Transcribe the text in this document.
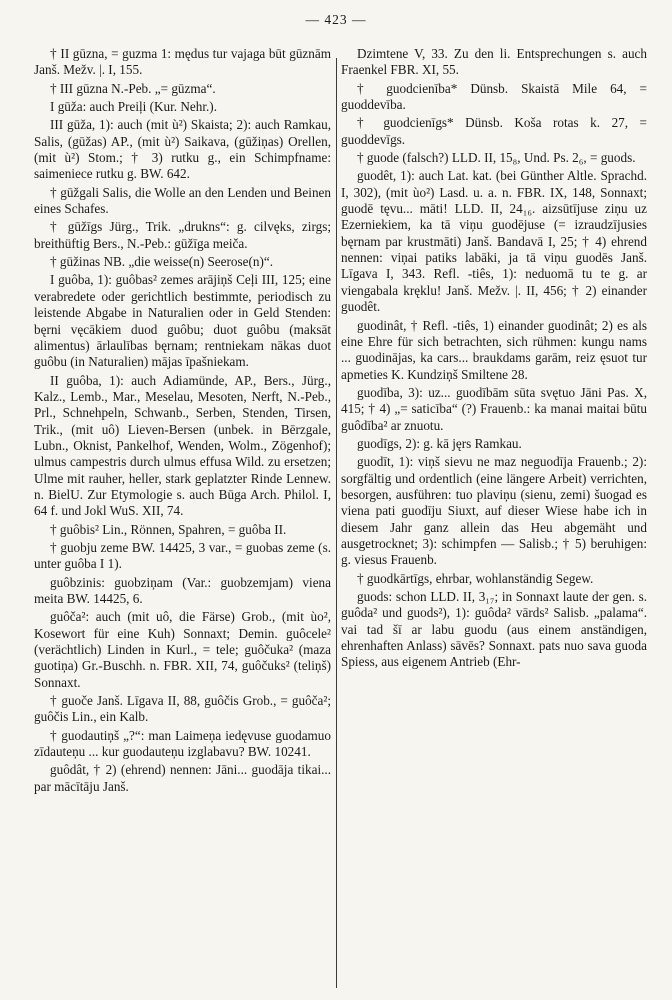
— 423 —

† II gūzna, = guzma 1: mędus tur vajaga būt gūznām Janš. Mežv. |. I, 155.

† III gūzna N.-Peb. „= gūzma“.

I gūža: auch Preiļi (Kur. Nehr.).

III gūža, 1): auch (mit ù²) Skaista; 2): auch Ramkau, Salis, (gūžas) AP., (mit ù²) Saikava, (gūžiņas) Orellen, (mit ù²) Stom.; † 3) rutku g., ein Schimpfname: saimeniece rutku g. BW. 642.

† gūžgali Salis, die Wolle an den Lenden und Beinen eines Schafes.

† gūžīgs Jürg., Trik. „drukns“: g. cilvęks, zirgs; breithüftig Bers., N.-Peb.: gūžīga meiča.

† gūžinas NB. „die weisse(n) Seerose(n)“.

I guôba, 1): guôbas² zemes arājiņš Ceļi III, 125; eine verabredete oder gerichtlich bestimmte, periodisch zu leistende Abgabe in Naturalien oder in Geld Stenden: bęrni vęcākiem duod guôbu; duot guôbu (maksāt alimentus) ārlaulības bęrnam; rentniekam nākas duot guôbu (in Naturalien) mājas īpašniekam.

II guôba, 1): auch Adiamünde, AP., Bers., Jürg., Kalz., Lemb., Mar., Meselau, Mesoten, Nerft, N.-Peb., Prl., Schnehpeln, Schwanb., Serben, Stenden, Tirsen, Trik., (mit uô) Lieven-Bersen (unbek. in Bērzgale, Lubn., Oknist, Pankelhof, Wenden, Wolm., Zögenhof); ulmus campestris durch ulmus effusa Wild. zu ersetzen; Ulme mit rauher, heller, stark geplatzter Rinde Lennew. n. BielU. Zur Etymologie s. auch Būga Arch. Philol. I, 64 f. und Jokl WuS. XII, 74.

† guôbis² Lin., Rönnen, Spahren, = guôba II.

† guobju zeme BW. 14425, 3 var., = guobas zeme (s. unter guôba I 1).

guôbzinis: guobziņam (Var.: guobzemjam) viena meita BW. 14425, 6.

guôča²: auch (mit uô, die Färse) Grob., (mit ùo², Kosewort für eine Kuh) Sonnaxt; Demin. guôcele² (verächtlich) Linden in Kurl., = tele; guôčuka² (maza guotiņa) Gr.-Buschh. n. FBR. XII, 74, guôčuks² (teliņš) Sonnaxt.

† guoče Janš. Līgava II, 88, guôčis Grob., = guôča²; guôčis Lin., ein Kalb.

† guodautiņš „?“: man Laimeņa iedęvuse guodamuo zīdauteņu ... kur guodauteņu izglabavu? BW. 10241.

guôdât, † 2) (ehrend) nennen: Jāni... guodāja tikai... par mācītāju Janš.

Dzimtene V, 33. Zu den li. Entsprechungen s. auch Fraenkel FBR. XI, 55.

† guodcienība* Dünsb. Skaistā Mile 64, = guoddevība.

† guodcienīgs* Dünsb. Koša rotas k. 27, = guoddevīgs.

† guode (falsch?) LLD. II, 15₈, Und. Ps. 2₆, = guods.

guodêt, 1): auch Lat. kat. (bei Günther Altle. Sprachd. I, 302), (mit ùo²) Lasd. u. a. n. FBR. IX, 148, Sonnaxt; guodē tęvu... māti! LLD. II, 24₁₆. aizsūtījuse ziņu uz Ezerniekiem, ka tā viņu guodējuse (= izraudzījusies bęrnam par krustmāti) Janš. Bandavā I, 25; † 4) ehrend nennen: viņai patiks labāki, ja tā viņu guodēs Janš. Līgava I, 343. Refl. -tiês, 1): neduomā tu te g. ar viengabala kręklu! Janš. Mežv. |. II, 456; † 2) einander guodêt.

guodinât, † Refl. -tiês, 1) einander guodinât; 2) es als eine Ehre für sich betrachten, sich rühmen: kungu nams ... guodinājas, ka cars... braukdams garām, reiz ęsuot tur apmeties K. Kundziņš Smiltene 28.

guodība, 3): uz... guodībām sūta svętuo Jāni Pas. X, 415; † 4) „= saticība“ (?) Frauenb.: ka manai maitai būtu guôdība² ar znuotu.

guodīgs, 2): g. kā jęrs Ramkau.

guodīt, 1): viņš sievu ne maz neguodīja Frauenb.; 2): sorgfältig und ordentlich (eine längere Arbeit) verrichten, besorgen, ausführen: tuo plaviņu (sienu, zemi) šuogad es viena pati guodīju Siuxt, auf dieser Wiese habe ich in diesem Jahr ganz allein das Heu abgemäht und ausgetrocknet; 3): schimpfen — Salisb.; † 5) beruhigen: g. viesus Frauenb.

† guodkārtīgs, ehrbar, wohlanständig Segew.

guods: schon LLD. II, 3₁₇; in Sonnaxt laute der gen. s. guôda² und guods²), 1): guôda² vārds² Salisb. „palama“. vai tad šī ar labu guodu (aus einem anständigen, ehrenhaften Anlass) sāvēs? Sonnaxt. pats nuo sava guoda Spiess, aus eigenem Antrieb (Ehr-
